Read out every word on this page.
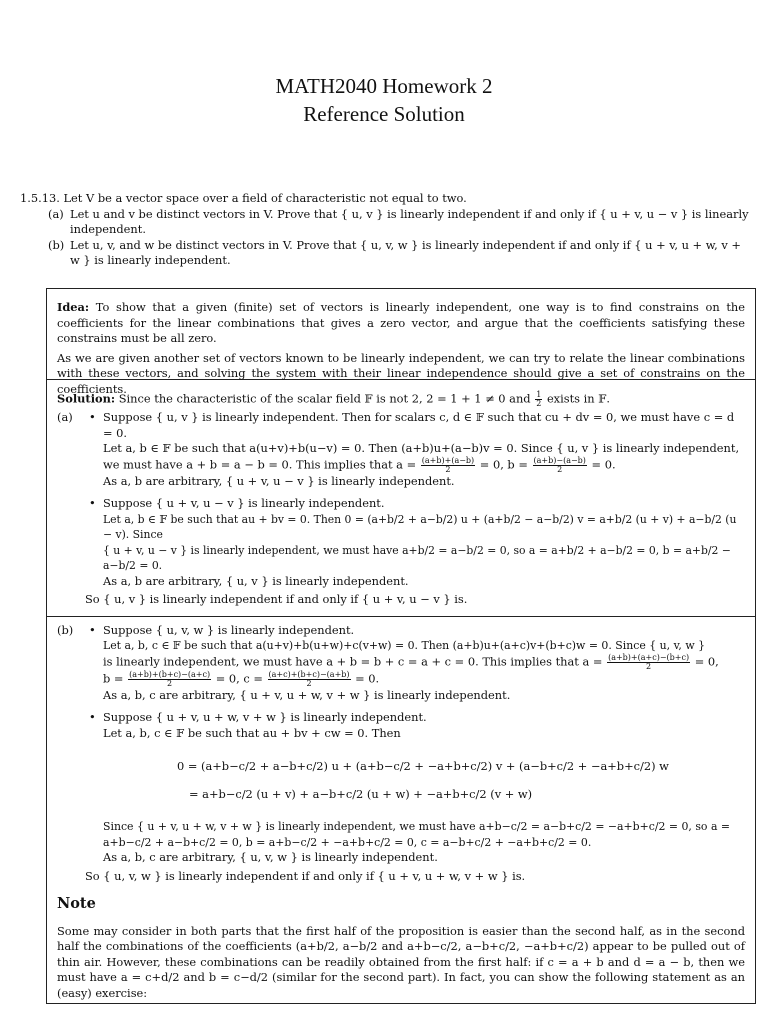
MATH2040 Homework 2
Reference Solution
1.5.13. Let V be a vector space over a field of characteristic not equal to two.
(a) Let u and v be distinct vectors in V. Prove that { u, v } is linearly independent if and only if { u + v, u − v } is linearly independent.
(b) Let u, v, and w be distinct vectors in V. Prove that { u, v, w } is linearly independent if and only if { u + v, u + w, v + w } is linearly independent.

Idea: To show that a given (finite) set of vectors is linearly independent, one way is to find constrains on the coefficients for the linear combinations that gives a zero vector, and argue that the coefficients satisfying these constrains must be all zero.

As we are given another set of vectors known to be linearly independent, we can try to relate the linear combinations with these vectors, and solving the system with their linear independence should give a set of constrains on the coefficients.

Solution: Since the characteristic of the scalar field 𝔽 is not 2, 2 = 1 + 1 ≠ 0 and $\frac{1}{2}$ exists in 𝔽.

(a)	• Suppose { u, v } is linearly independent. Then for scalars c, d ∈ 𝔽 such that cu + dv = 0, we must have c = d = 0.
Let a, b ∈ 𝔽 be such that a(u+v)+b(u−v) = 0. Then (a+b)u+(a−b)v = 0. Since { u, v } is linearly independent,
we must have a + b = a − b = 0. This implies that $a = \frac{(a+b)+(a-b)}{2} = 0$, $b = \frac{(a+b)-(a-b)}{2} = 0$.
As a, b are arbitrary, { u + v, u − v } is linearly independent.
• Suppose { u + v, u − v } is linearly independent.
Let a, b ∈ 𝔽 be such that au + bv = 0. Then 0 = (a+b/2 + a−b/2) u + (a+b/2 − a−b/2) v = a+b/2 (u + v) + a−b/2 (u − v). Since
{ u + v, u − v } is linearly independent, we must have a+b/2 = a−b/2 = 0, so a = a+b/2 + a−b/2 = 0, b = a+b/2 − a−b/2 = 0.
As a, b are arbitrary, { u, v } is linearly independent.
So { u, v } is linearly independent if and only if { u + v, u − v } is.
(b)	• Suppose { u, v, w } is linearly independent.
Let a, b, c ∈ 𝔽 be such that a(u+v)+b(u+w)+c(v+w) = 0. Then (a+b)u+(a+c)v+(b+c)w = 0. Since { u, v, w }
is linearly independent, we must have a + b = b + c = a + c = 0. This implies that $a = \frac{(a+b)+(a+c)-(b+c)}{2} = 0$,
$b = \frac{(a+b)+(b+c)-(a+c)}{2} = 0$, $c = \frac{(a+c)+(b+c)-(a+b)}{2} = 0$.
As a, b, c are arbitrary, { u + v, u + w, v + w } is linearly independent.
• Suppose { u + v, u + w, v + w } is linearly independent.
Let a, b, c ∈ 𝔽 be such that au + bv + cw = 0. Then
0 = (a+b−c/2 + a−b+c/2) u + (a+b−c/2 + −a+b+c/2) v + (a−b+c/2 + −a+b+c/2) w
= a+b−c/2 (u + v) + a−b+c/2 (u + w) + −a+b+c/2 (v + w)
Since { u + v, u + w, v + w } is linearly independent, we must have a+b−c/2 = a−b+c/2 = −a+b+c/2 = 0, so a =
a+b−c/2 + a−b+c/2 = 0, b = a+b−c/2 + −a+b+c/2 = 0, c = a−b+c/2 + −a+b+c/2 = 0.
As a, b, c are arbitrary, { u, v, w } is linearly independent.
So { u, v, w } is linearly independent if and only if { u + v, u + w, v + w } is.
Note

Some may consider in both parts that the first half of the proposition is easier than the second half, as in the second half the combinations of the coefficients (a+b/2, a−b/2 and a+b−c/2, a−b+c/2, −a+b+c/2) appear to be pulled out of thin air. However, these combinations can be readily obtained from the first half: if c = a + b and d = a − b, then we must have a = c+d/2 and b = c−d/2 (similar for the second part). In fact, you can show the following statement as an (easy) exercise:
